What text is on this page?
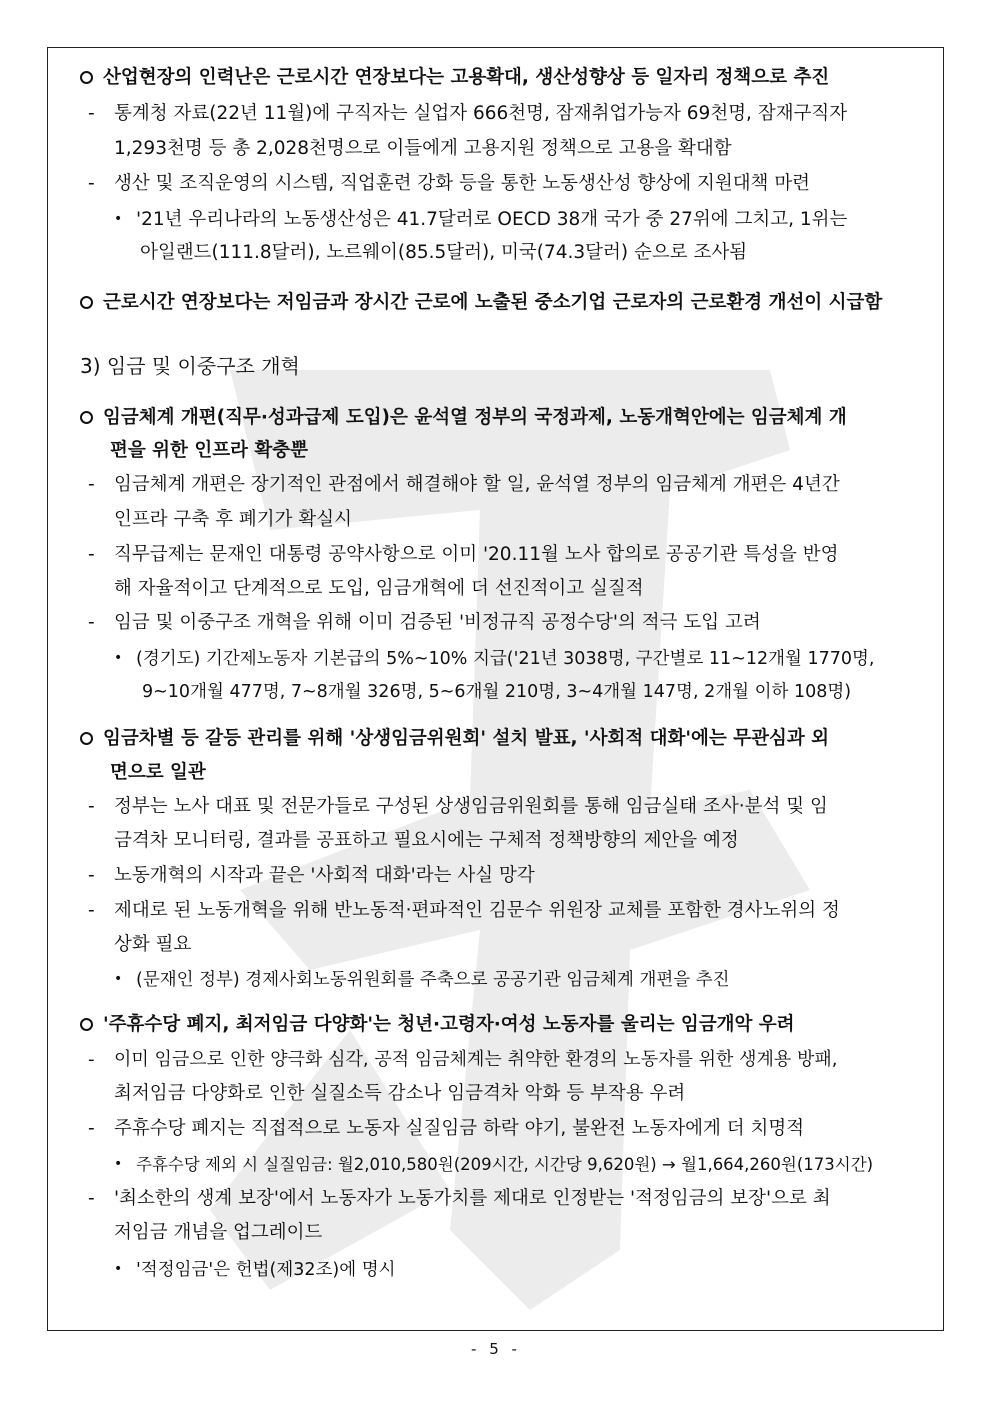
산업현장의 인력난은 근로시간 연장보다는 고용확대, 생산성향상 등 일자리 정책으로 추진
- 통계청 자료(22년 11월)에 구직자는 실업자 666천명, 잠재취업가능자 69천명, 잠재구직자
1,293천명 등 총 2,028천명으로 이들에게 고용지원 정책으로 고용을 확대함
- 생산 및 조직운영의 시스템, 직업훈련 강화 등을 통한 노동생산성 향상에 지원대책 마련
• '21년 우리나라의 노동생산성은 41.7달러로 OECD 38개 국가 중 27위에 그치고, 1위는
아일랜드(111.8달러), 노르웨이(85.5달러), 미국(74.3달러) 순으로 조사됨
근로시간 연장보다는 저임금과 장시간 근로에 노출된 중소기업 근로자의 근로환경 개선이 시급함
3) 임금 및 이중구조 개혁
임금체계 개편(직무·성과급제 도입)은 윤석열 정부의 국정과제, 노동개혁안에는 임금체계 개
편을 위한 인프라 확충뿐
- 임금체계 개편은 장기적인 관점에서 해결해야 할 일, 윤석열 정부의 임금체계 개편은 4년간
인프라 구축 후 폐기가 확실시
- 직무급제는 문재인 대통령 공약사항으로 이미 '20.11월 노사 합의로 공공기관 특성을 반영
해 자율적이고 단계적으로 도입, 임금개혁에 더 선진적이고 실질적
- 임금 및 이중구조 개혁을 위해 이미 검증된 '비정규직 공정수당'의 적극 도입 고려
• (경기도) 기간제노동자 기본급의 5%~10% 지급('21년 3038명, 구간별로 11~12개월 1770명,
9~10개월 477명, 7~8개월 326명, 5~6개월 210명, 3~4개월 147명, 2개월 이하 108명)
임금차별 등 갈등 관리를 위해 '상생임금위원회' 설치 발표, '사회적 대화'에는 무관심과 외
면으로 일관
- 정부는 노사 대표 및 전문가들로 구성된 상생임금위원회를 통해 임금실태 조사·분석 및 임
금격차 모니터링, 결과를 공표하고 필요시에는 구체적 정책방향의 제안을 예정
- 노동개혁의 시작과 끝은 '사회적 대화'라는 사실 망각
- 제대로 된 노동개혁을 위해 반노동적·편파적인 김문수 위원장 교체를 포함한 경사노위의 정
상화 필요
• (문재인 정부) 경제사회노동위원회를 주축으로 공공기관 임금체계 개편을 추진
'주휴수당 폐지, 최저임금 다양화'는 청년·고령자·여성 노동자를 울리는 임금개악 우려
- 이미 임금으로 인한 양극화 심각, 공적 임금체계는 취약한 환경의 노동자를 위한 생계용 방패,
최저임금 다양화로 인한 실질소득 감소나 임금격차 악화 등 부작용 우려
- 주휴수당 폐지는 직접적으로 노동자 실질임금 하락 야기, 불완전 노동자에게 더 치명적
• 주휴수당 제외 시 실질임금: 월2,010,580원(209시간, 시간당 9,620원) → 월1,664,260원(173시간)
- '최소한의 생계 보장'에서 노동자가 노동가치를 제대로 인정받는 '적정임금의 보장'으로 최
저임금 개념을 업그레이드
• '적정임금'은 헌법(제32조)에 명시
- 5 -
